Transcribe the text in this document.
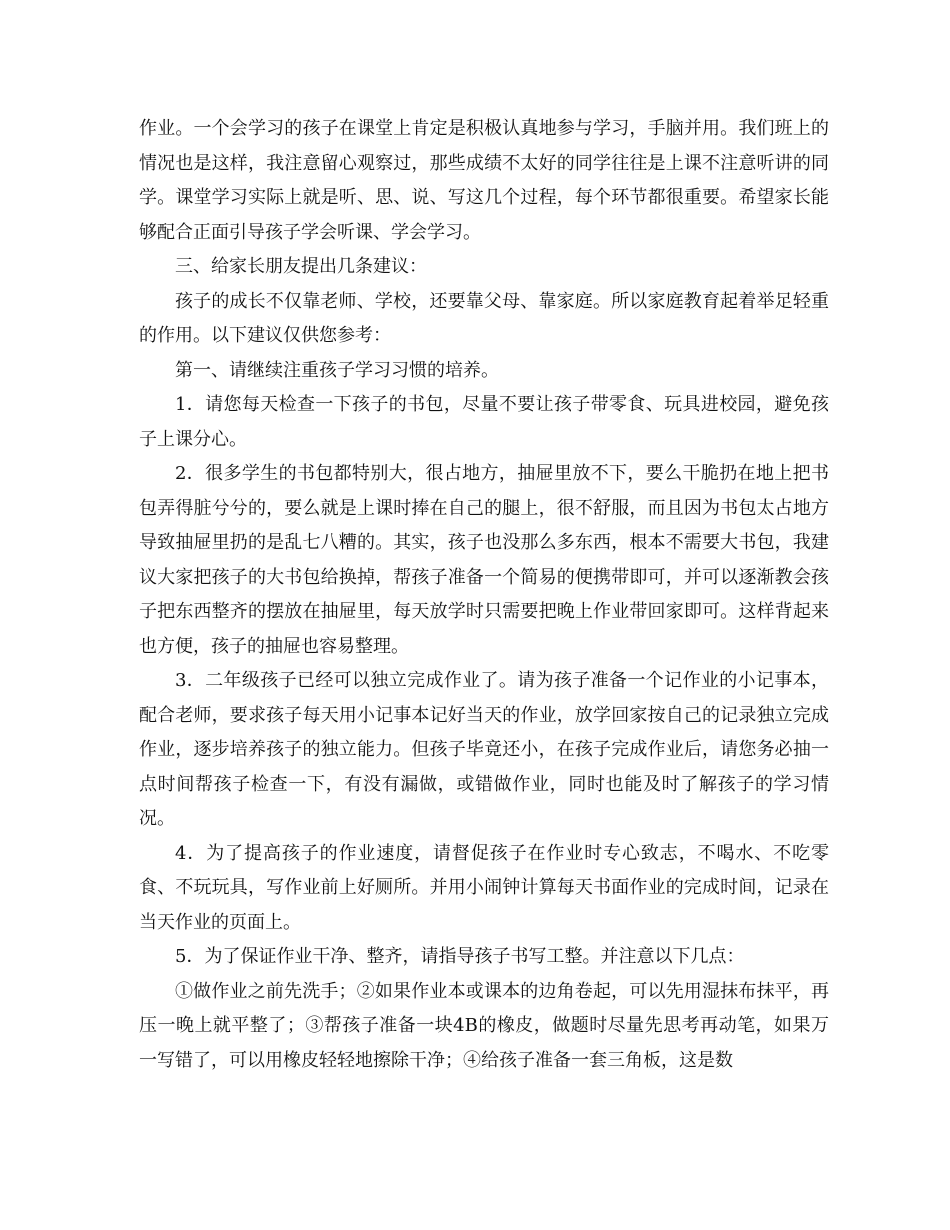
作业。一个会学习的孩子在课堂上肯定是积极认真地参与学习，手脑并用。我们班上的情况也是这样，我注意留心观察过，那些成绩不太好的同学往往是上课不注意听讲的同学。课堂学习实际上就是听、思、说、写这几个过程，每个环节都很重要。希望家长能够配合正面引导孩子学会听课、学会学习。

三、给家长朋友提出几条建议：

孩子的成长不仅靠老师、学校，还要靠父母、靠家庭。所以家庭教育起着举足轻重的作用。以下建议仅供您参考：

第一、请继续注重孩子学习习惯的培养。

1．请您每天检查一下孩子的书包，尽量不要让孩子带零食、玩具进校园，避免孩子上课分心。

2．很多学生的书包都特别大，很占地方，抽屉里放不下，要么干脆扔在地上把书包弄得脏兮兮的，要么就是上课时捧在自己的腿上，很不舒服，而且因为书包太占地方导致抽屉里扔的是乱七八糟的。其实，孩子也没那么多东西，根本不需要大书包，我建议大家把孩子的大书包给换掉，帮孩子准备一个简易的便携带即可，并可以逐渐教会孩子把东西整齐的摆放在抽屉里，每天放学时只需要把晚上作业带回家即可。这样背起来也方便，孩子的抽屉也容易整理。

3．二年级孩子已经可以独立完成作业了。请为孩子准备一个记作业的小记事本，配合老师，要求孩子每天用小记事本记好当天的作业，放学回家按自己的记录独立完成作业，逐步培养孩子的独立能力。但孩子毕竟还小，在孩子完成作业后，请您务必抽一点时间帮孩子检查一下，有没有漏做，或错做作业，同时也能及时了解孩子的学习情况。

4．为了提高孩子的作业速度，请督促孩子在作业时专心致志，不喝水、不吃零食、不玩玩具，写作业前上好厕所。并用小闹钟计算每天书面作业的完成时间，记录在当天作业的页面上。

5．为了保证作业干净、整齐，请指导孩子书写工整。并注意以下几点：

①做作业之前先洗手；②如果作业本或课本的边角卷起，可以先用湿抹布抹平，再压一晚上就平整了；③帮孩子准备一块4B的橡皮，做题时尽量先思考再动笔，如果万一写错了，可以用橡皮轻轻地擦除干净；④给孩子准备一套三角板，这是数
